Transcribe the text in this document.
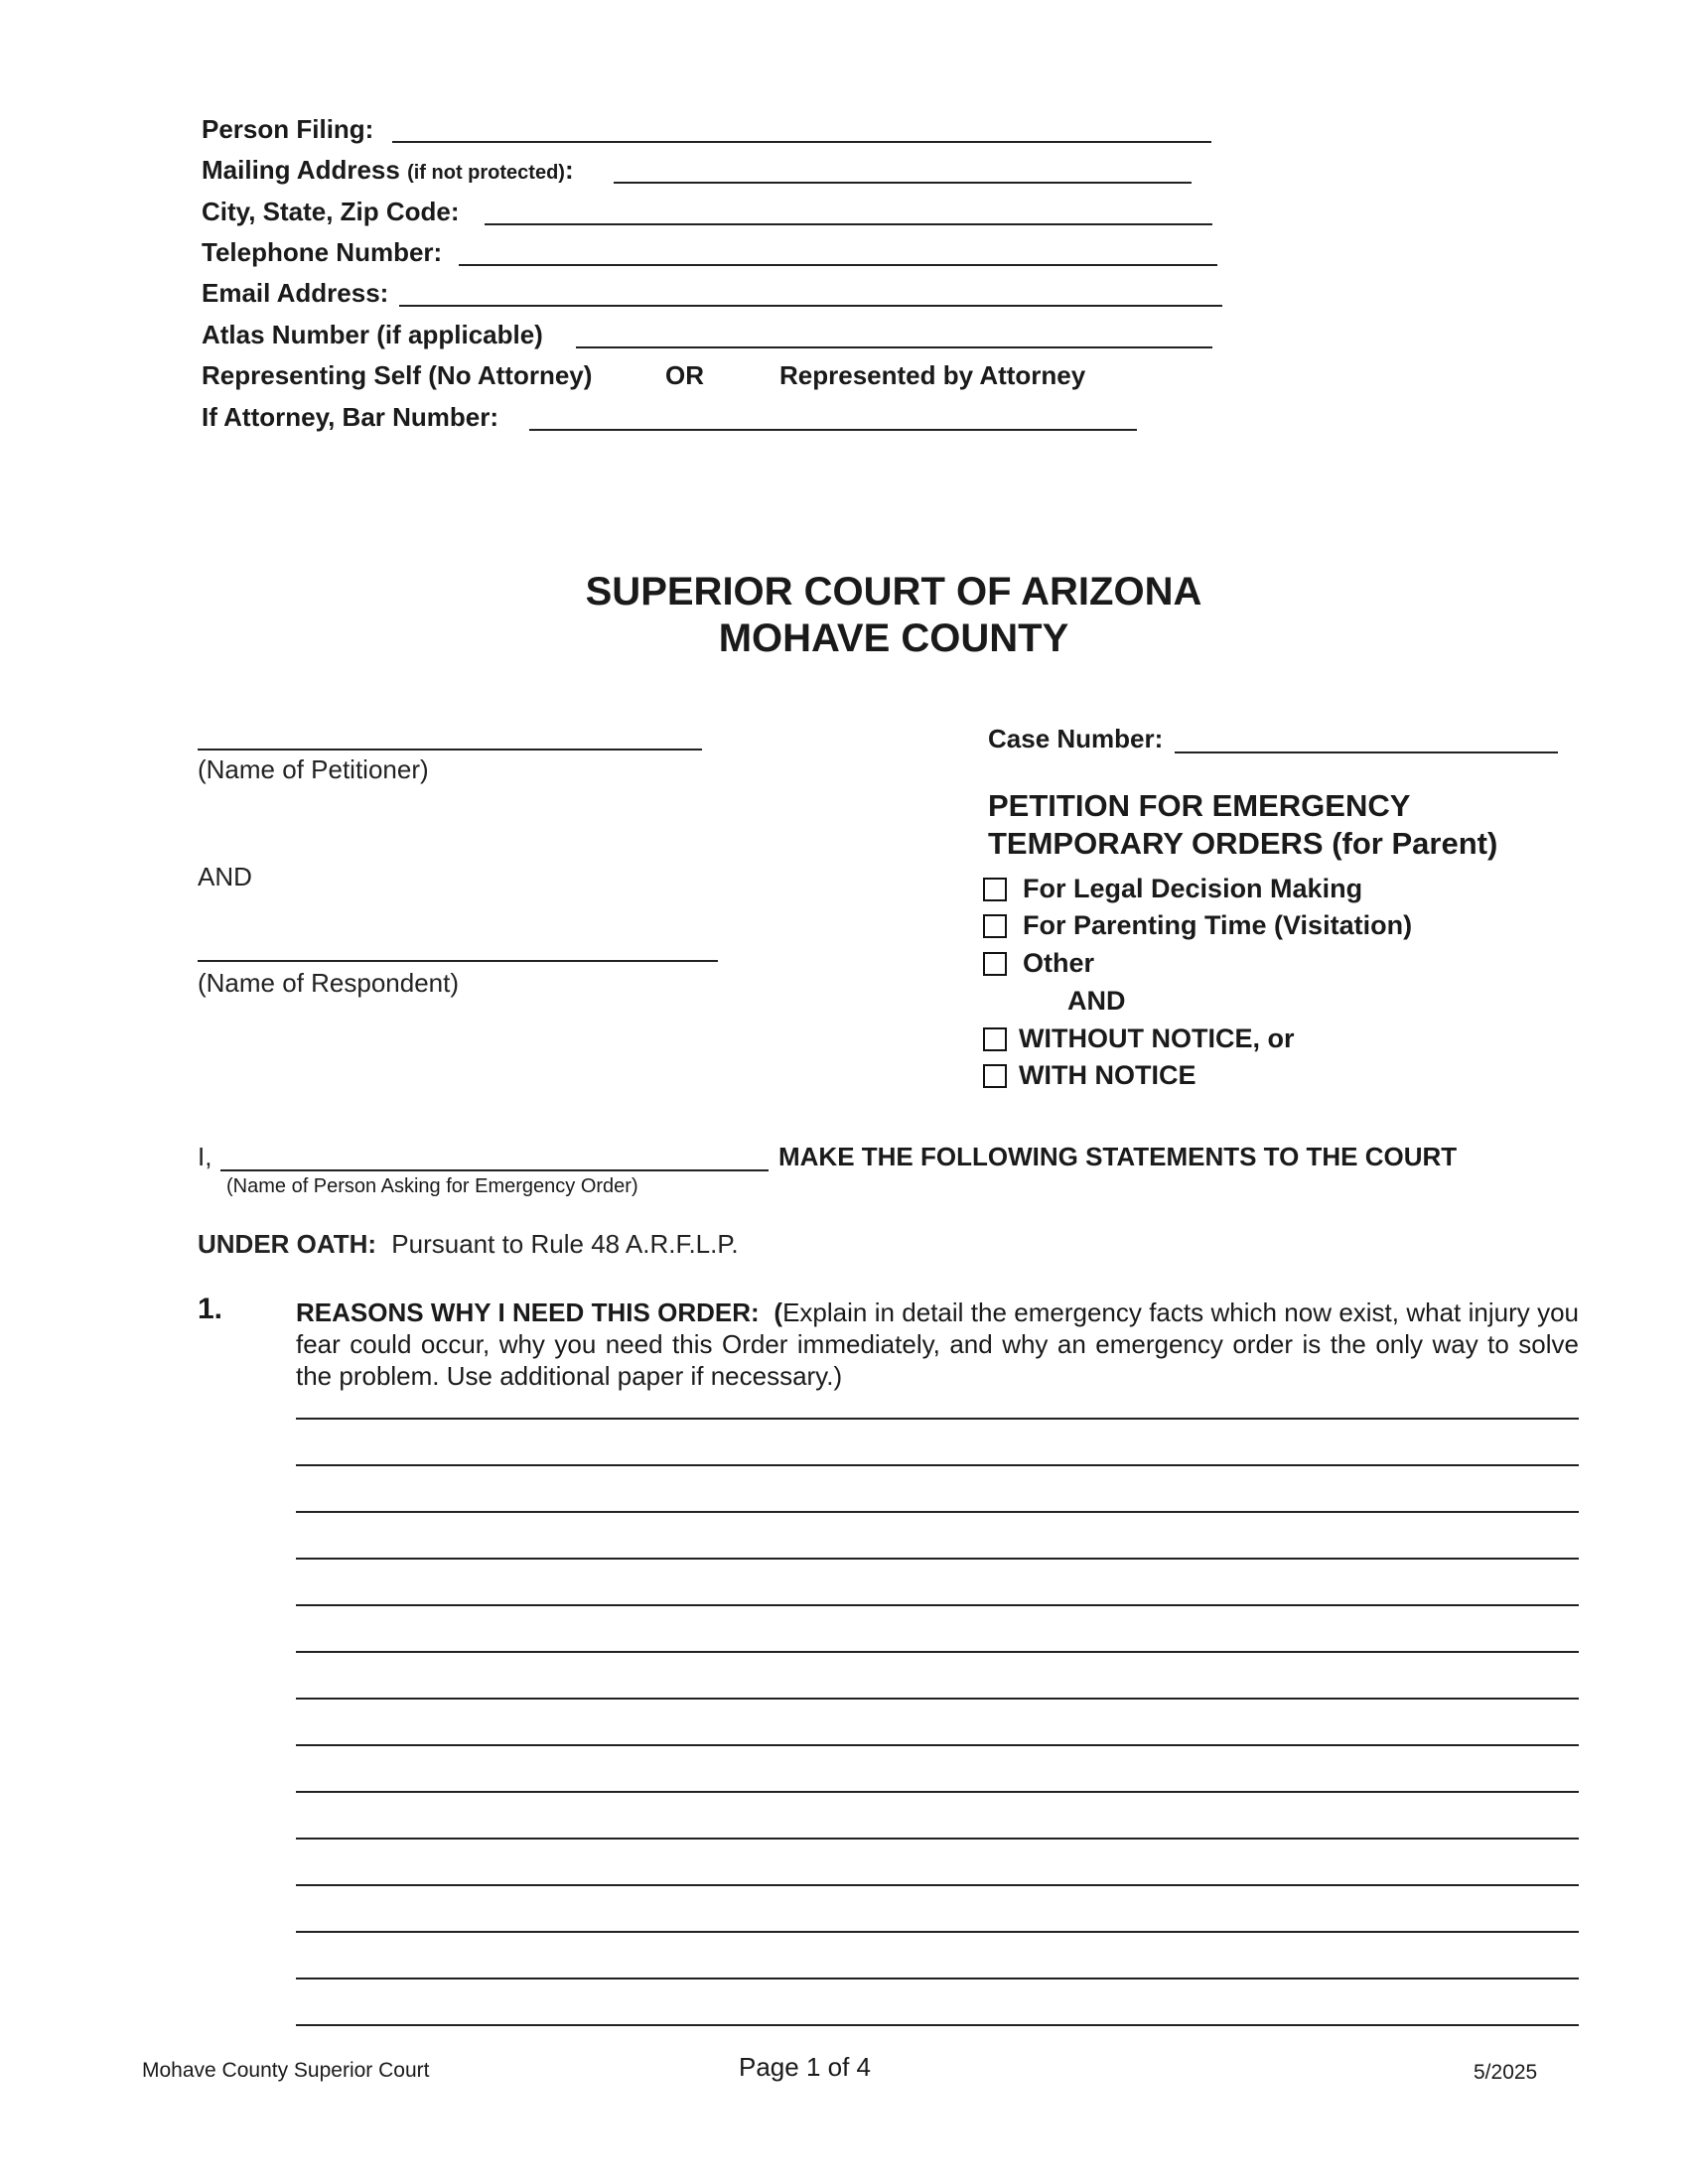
Person Filing:
Mailing Address (if not protected):
City, State, Zip Code:
Telephone Number:
Email Address:
Atlas Number (if applicable)
Representing Self (No Attorney)	OR	Represented by Attorney
If Attorney, Bar Number:
SUPERIOR COURT OF ARIZONA
MOHAVE COUNTY
(Name of Petitioner)
AND
(Name of Respondent)
Case Number:
PETITION FOR EMERGENCY
TEMPORARY ORDERS (for Parent)
For Legal Decision Making
For Parenting Time (Visitation)
Other
AND
WITHOUT NOTICE, or
WITH NOTICE
I,	MAKE THE FOLLOWING STATEMENTS TO THE COURT
(Name of Person Asking for Emergency Order)
UNDER OATH: Pursuant to Rule 48 A.R.F.L.P.
1.	REASONS WHY I NEED THIS ORDER: (Explain in detail the emergency facts which now exist, what injury you fear could occur, why you need this Order immediately, and why an emergency order is the only way to solve the problem. Use additional paper if necessary.)
Mohave County Superior Court	Page 1 of 4	5/2025
